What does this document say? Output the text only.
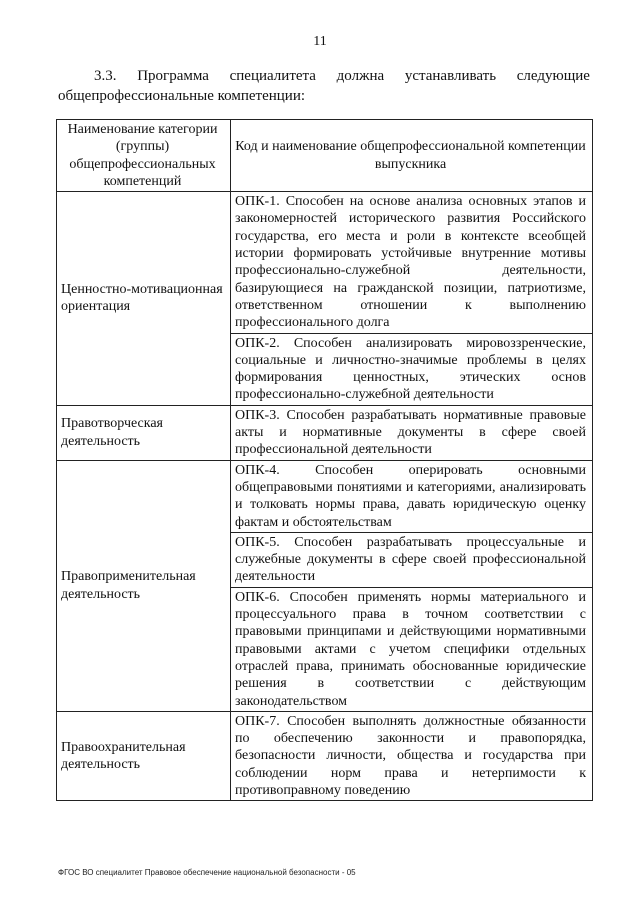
11
3.3. Программа специалитета должна устанавливать следующие
общепрофессиональные компетенции:
Наименование категории (группы) общепрофессиональных компетенций	Код и наименование общепрофессиональной компетенции выпускника
Ценностно-мотивационная ориентация	ОПК-1. Способен на основе анализа основных этапов и закономерностей исторического развития Российского государства, его места и роли в контексте всеобщей истории формировать устойчивые внутренние мотивы профессионально-служебной деятельности, базирующиеся на гражданской позиции, патриотизме, ответственном отношении к выполнению профессионального долга
	ОПК-2. Способен анализировать мировоззренческие, социальные и личностно-значимые проблемы в целях формирования ценностных, этических основ профессионально-служебной деятельности
Правотворческая деятельность	ОПК-3. Способен разрабатывать нормативные правовые акты и нормативные документы в сфере своей профессиональной деятельности
Правоприменительная деятельность	ОПК-4. Способен оперировать основными общеправовыми понятиями и категориями, анализировать и толковать нормы права, давать юридическую оценку фактам и обстоятельствам
	ОПК-5. Способен разрабатывать процессуальные и служебные документы в сфере своей профессиональной деятельности
	ОПК-6. Способен применять нормы материального и процессуального права в точном соответствии с правовыми принципами и действующими нормативными правовыми актами с учетом специфики отдельных отраслей права, принимать обоснованные юридические решения в соответствии с действующим законодательством
Правоохранительная деятельность	ОПК-7. Способен выполнять должностные обязанности по обеспечению законности и правопорядка, безопасности личности, общества и государства при соблюдении норм права и нетерпимости к противоправному поведению
ФГОС ВО специалитет Правовое обеспечение национальной безопасности - 05
